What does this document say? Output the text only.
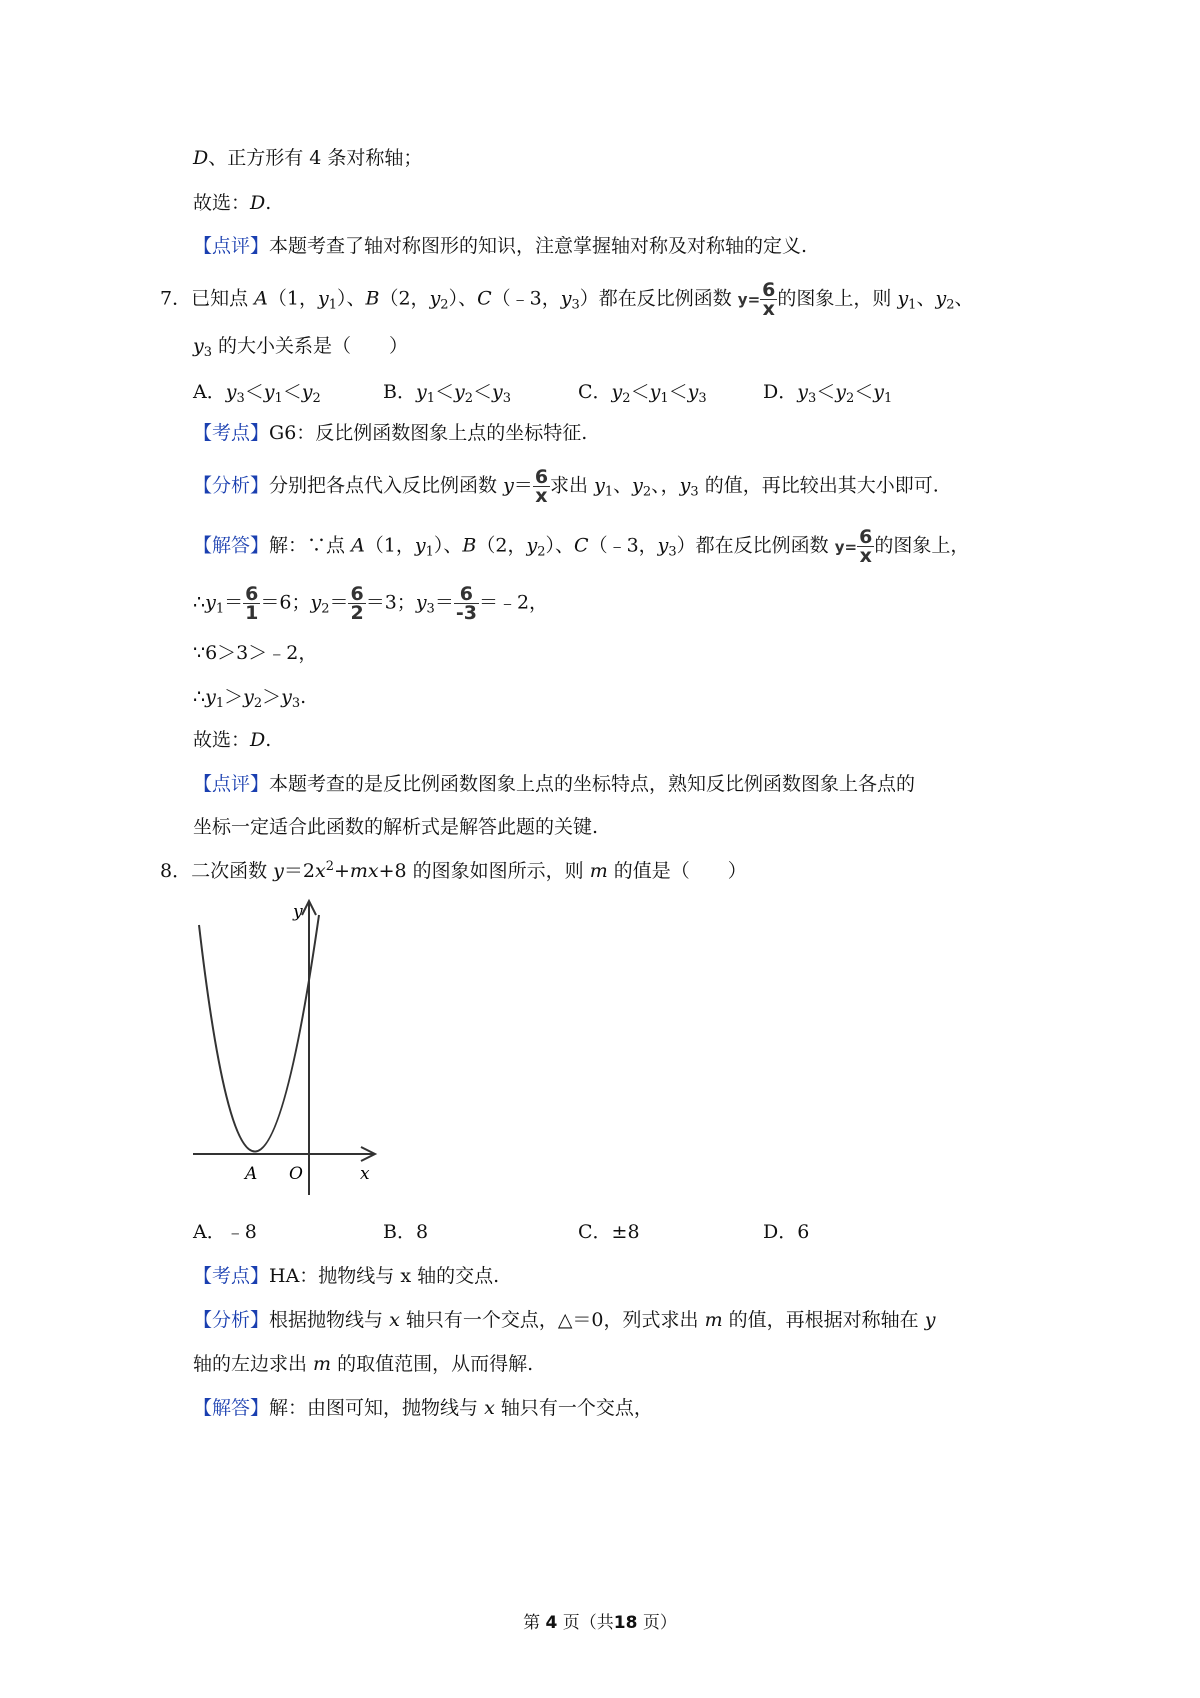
D、正方形有 4 条对称轴；
故选：D.
【点评】本题考查了轴对称图形的知识，注意掌握轴对称及对称轴的定义.
7．已知点 A（1，$y_1$）、B（2，$y_2$）、C（﹣3，$y_3$）都在反比例函数 $y= \frac{6}{x}$ 的图象上，则 $y_1$、$y_2$、
$y_3$ 的大小关系是（　　）
A．$y_3<y_1<y_2$	B．$y_1<y_2<y_3$	C．$y_2<y_1<y_3$	D．$y_3<y_2<y_1$
【考点】G6：反比例函数图象上点的坐标特征.
【分析】分别把各点代入反比例函数 $y= \frac{6}{x}$ 求出 $y_1$、$y_2$、，$y_3$ 的值，再比较出其大小即可.
【解答】解：∵点 A（1，$y_1$）、B（2，$y_2$）、C（﹣3，$y_3$）都在反比例函数 $y= \frac{6}{x}$ 的图象上，
$\therefore y_1= \frac{6}{1} =6$；$y_2= \frac{6}{2} =3$；$y_3= \frac{6}{-3}$ ＝﹣2，
∵6＞3＞﹣2，
$\therefore y_1>y_2>y_3$.
故选：D.
【点评】本题考查的是反比例函数图象上点的坐标特点，熟知反比例函数图象上各点的
坐标一定适合此函数的解析式是解答此题的关键.
8．二次函数 $y=2x^2+mx+8$ 的图象如图所示，则 m 的值是（　　）
y
x
A O
A．﹣8	B．8	C．±8	D．6
【考点】HA：抛物线与 x 轴的交点.
【分析】根据抛物线与 x 轴只有一个交点，△＝0，列式求出 m 的值，再根据对称轴在 y
轴的左边求出 m 的取值范围，从而得解.
【解答】解：由图可知，抛物线与 x 轴只有一个交点，
第 4 页（共18 页）
